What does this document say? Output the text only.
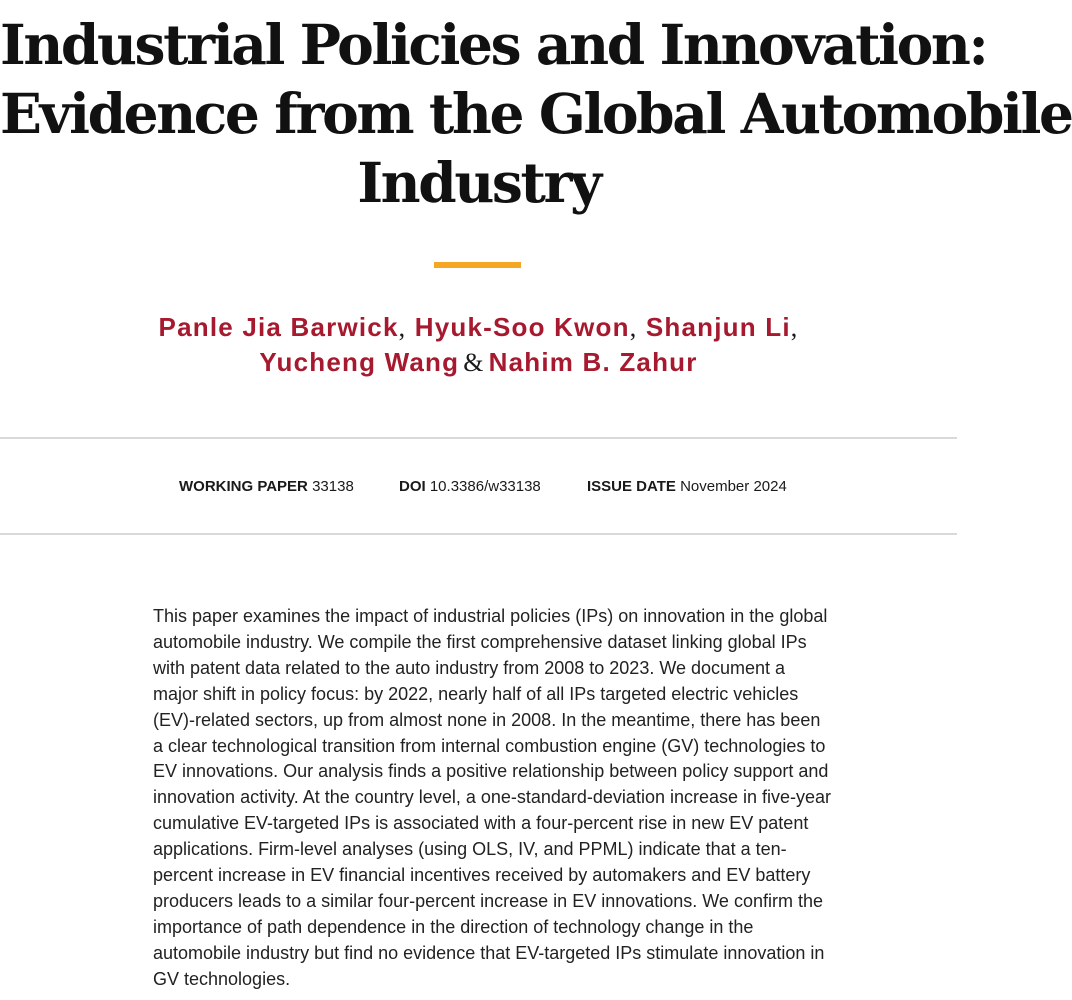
Industrial Policies and Innovation:
Evidence from the Global Automobile
Industry
Panle Jia Barwick, Hyuk-Soo Kwon, Shanjun Li,
Yucheng Wang & Nahim B. Zahur
WORKING PAPER 33138	DOI 10.3386/w33138	ISSUE DATE November 2024
This paper examines the impact of industrial policies (IPs) on innovation in the global
automobile industry. We compile the first comprehensive dataset linking global IPs
with patent data related to the auto industry from 2008 to 2023. We document a
major shift in policy focus: by 2022, nearly half of all IPs targeted electric vehicles
(EV)-related sectors, up from almost none in 2008. In the meantime, there has been
a clear technological transition from internal combustion engine (GV) technologies to
EV innovations. Our analysis finds a positive relationship between policy support and
innovation activity. At the country level, a one-standard-deviation increase in five-year
cumulative EV-targeted IPs is associated with a four-percent rise in new EV patent
applications. Firm-level analyses (using OLS, IV, and PPML) indicate that a ten-
percent increase in EV financial incentives received by automakers and EV battery
producers leads to a similar four-percent increase in EV innovations. We confirm the
importance of path dependence in the direction of technology change in the
automobile industry but find no evidence that EV-targeted IPs stimulate innovation in
GV technologies.
